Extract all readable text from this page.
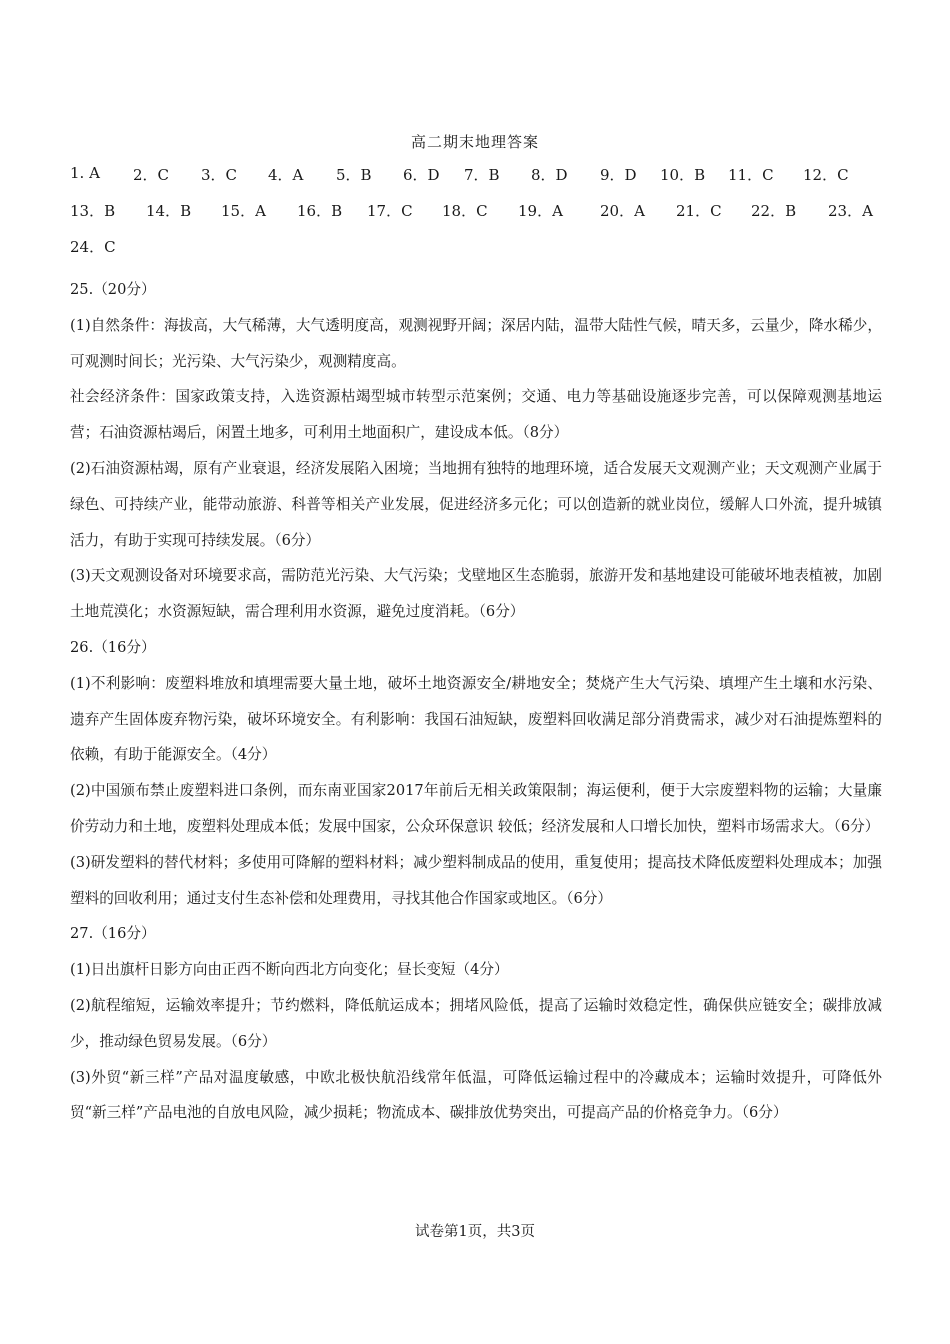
高二期末地理答案
1. A 2．C 3．C 4．A 5．B 6．D 7．B 8．D 9．D 10．B 11．C 12．C
13．B 14．B 15．A 16．B 17．C 18．C 19．A 20．A 21．C 22．B 23．A
24．C

25.（20分）

(1)自然条件：海拔高，大气稀薄，大气透明度高，观测视野开阔；深居内陆，温带大陆性气候，晴天多，云量少，降水稀少，可观测时间长；光污染、大气污染少，观测精度高。

社会经济条件：国家政策支持，入选资源枯竭型城市转型示范案例；交通、电力等基础设施逐步完善，可以保障观测基地运营；石油资源枯竭后，闲置土地多，可利用土地面积广，建设成本低。（8分）

(2)石油资源枯竭，原有产业衰退，经济发展陷入困境；当地拥有独特的地理环境，适合发展天文观测产业；天文观测产业属于绿色、可持续产业，能带动旅游、科普等相关产业发展，促进经济多元化；可以创造新的就业岗位，缓解人口外流，提升城镇活力，有助于实现可持续发展。（6分）

(3)天文观测设备对环境要求高，需防范光污染、大气污染；戈壁地区生态脆弱，旅游开发和基地建设可能破坏地表植被，加剧土地荒漠化；水资源短缺，需合理利用水资源，避免过度消耗。（6分）

26.（16分）

(1)不利影响：废塑料堆放和填埋需要大量土地，破坏土地资源安全/耕地安全；焚烧产生大气污染、填埋产生土壤和水污染、遗弃产生固体废弃物污染，破坏环境安全。有利影响：我国石油短缺，废塑料回收满足部分消费需求，减少对石油提炼塑料的依赖，有助于能源安全。（4分）

(2)中国颁布禁止废塑料进口条例，而东南亚国家2017年前后无相关政策限制；海运便利，便于大宗废塑料物的运输；大量廉价劳动力和土地，废塑料处理成本低；发展中国家，公众环保意识 较低；经济发展和人口增长加快，塑料市场需求大。（6分）

(3)研发塑料的替代材料；多使用可降解的塑料材料；减少塑料制成品的使用，重复使用；提高技术降低废塑料处理成本；加强塑料的回收利用；通过支付生态补偿和处理费用，寻找其他合作国家或地区。（6分）

27.（16分）

(1)日出旗杆日影方向由正西不断向西北方向变化；昼长变短（4分）

(2)航程缩短，运输效率提升；节约燃料，降低航运成本；拥堵风险低，提高了运输时效稳定性，确保供应链安全；碳排放减少，推动绿色贸易发展。（6分）

(3)外贸“新三样”产品对温度敏感，中欧北极快航沿线常年低温，可降低运输过程中的冷藏成本；运输时效提升，可降低外贸“新三样”产品电池的自放电风险，减少损耗；物流成本、碳排放优势突出，可提高产品的价格竞争力。（6分）

试卷第1页，共3页
